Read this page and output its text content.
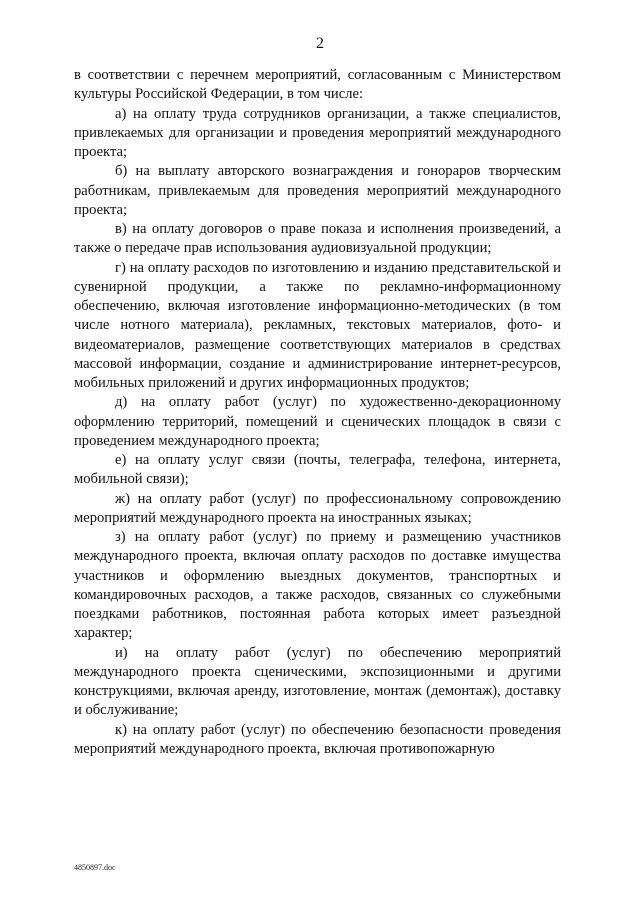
2

в соответствии с перечнем мероприятий, согласованным с Министерством культуры Российской Федерации, в том числе:

а) на оплату труда сотрудников организации, а также специалистов, привлекаемых для организации и проведения мероприятий международного проекта;

б) на выплату авторского вознаграждения и гонораров творческим работникам, привлекаемым для проведения мероприятий международного проекта;

в) на оплату договоров о праве показа и исполнения произведений, а также о передаче прав использования аудиовизуальной продукции;

г) на оплату расходов по изготовлению и изданию представительской и сувенирной продукции, а также по рекламно-информационному обеспечению, включая изготовление информационно-методических (в том числе нотного материала), рекламных, текстовых материалов, фото- и видеоматериалов, размещение соответствующих материалов в средствах массовой информации, создание и администрирование интернет-ресурсов, мобильных приложений и других информационных продуктов;

д) на оплату работ (услуг) по художественно-декорационному оформлению территорий, помещений и сценических площадок в связи с проведением международного проекта;

е) на оплату услуг связи (почты, телеграфа, телефона, интернета, мобильной связи);

ж) на оплату работ (услуг) по профессиональному сопровождению мероприятий международного проекта на иностранных языках;

з) на оплату работ (услуг) по приему и размещению участников международного проекта, включая оплату расходов по доставке имущества участников и оформлению выездных документов, транспортных и командировочных расходов, а также расходов, связанных со служебными поездками работников, постоянная работа которых имеет разъездной характер;

и) на оплату работ (услуг) по обеспечению мероприятий международного проекта сценическими, экспозиционными и другими конструкциями, включая аренду, изготовление, монтаж (демонтаж), доставку и обслуживание;

к) на оплату работ (услуг) по обеспечению безопасности проведения мероприятий международного проекта, включая противопожарную

4850897.doc
